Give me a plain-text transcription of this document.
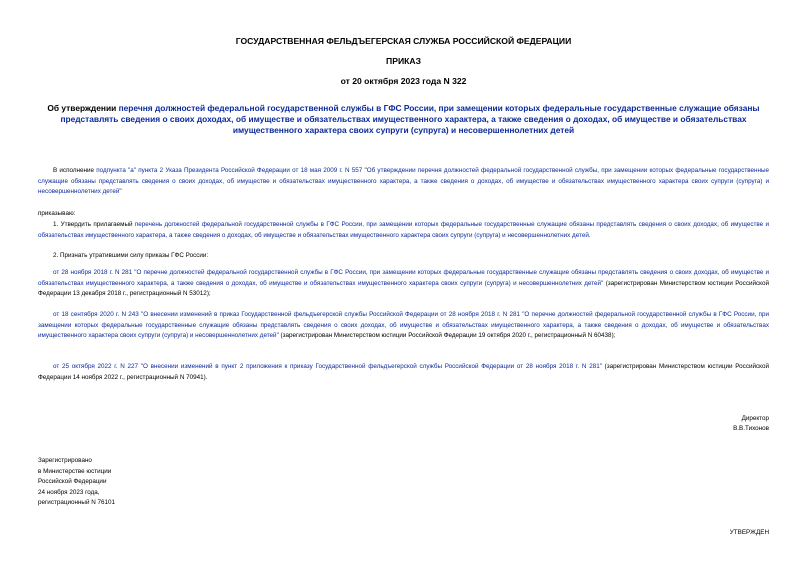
ГОСУДАРСТВЕННАЯ ФЕЛЬДЪЕГЕРСКАЯ СЛУЖБА РОССИЙСКОЙ ФЕДЕРАЦИИ
ПРИКАЗ
от 20 октября 2023 года N 322
Об утверждении перечня должностей федеральной государственной службы в ГФС России, при замещении которых федеральные государственные служащие обязаны представлять сведения о своих доходах, об имуществе и обязательствах имущественного характера, а также сведения о доходах, об имуществе и обязательствах имущественного характера своих супруги (супруга) и несовершеннолетних детей
В исполнение подпункта "а" пункта 2 Указа Президента Российской Федерации от 18 мая 2009 г. N 557 "Об утверждении перечня должностей федеральной государственной службы, при замещении которых федеральные государственные служащие обязаны представлять сведения о своих доходах, об имуществе и обязательствах имущественного характера, а также сведения о доходах, об имуществе и обязательствах имущественного характера своих супруги (супруга) и несовершеннолетних детей"
приказываю:
1. Утвердить прилагаемый перечень должностей федеральной государственной службы в ГФС России, при замещении которых федеральные государственные служащие обязаны представлять сведения о своих доходах, об имуществе и обязательствах имущественного характера, а также сведения о доходах, об имуществе и обязательствах имущественного характера своих супруги (супруга) и несовершеннолетних детей.
2. Признать утратившими силу приказы ГФС России:
от 28 ноября 2018 г. N 281 "О перечне должностей федеральной государственной службы в ГФС России, при замещении которых федеральные государственные служащие обязаны представлять сведения о своих доходах, об имуществе и обязательствах имущественного характера, а также сведения о доходах, об имуществе и обязательствах имущественного характера своих супруги (супруга) и несовершеннолетних детей" (зарегистрирован Министерством юстиции Российской Федерации 13 декабря 2018 г., регистрационный N 53012);
от 18 сентября 2020 г. N 243 "О внесении изменений в приказ Государственной фельдъегерской службы Российской Федерации от 28 ноября 2018 г. N 281 "О перечне должностей федеральной государственной службы в ГФС России, при замещении которых федеральные государственные служащие обязаны представлять сведения о своих доходах, об имуществе и обязательствах имущественного характера, а также сведения о доходах, об имуществе и обязательствах имущественного характера своих супруги (супруга) и несовершеннолетних детей" (зарегистрирован Министерством юстиции Российской Федерации 19 октября 2020 г., регистрационный N 60438);
от 25 октября 2022 г. N 227 "О внесении изменений в пункт 2 приложения к приказу Государственной фельдъегерской службы Российской Федерации от 28 ноября 2018 г. N 281" (зарегистрирован Министерством юстиции Российской Федерации 14 ноября 2022 г., регистрационный N 70941).
Директор
В.В.Тихонов
Зарегистрировано
в Министерстве юстиции
Российской Федерации
24 ноября 2023 года,
регистрационный N 76101
УТВЕРЖДЕН
